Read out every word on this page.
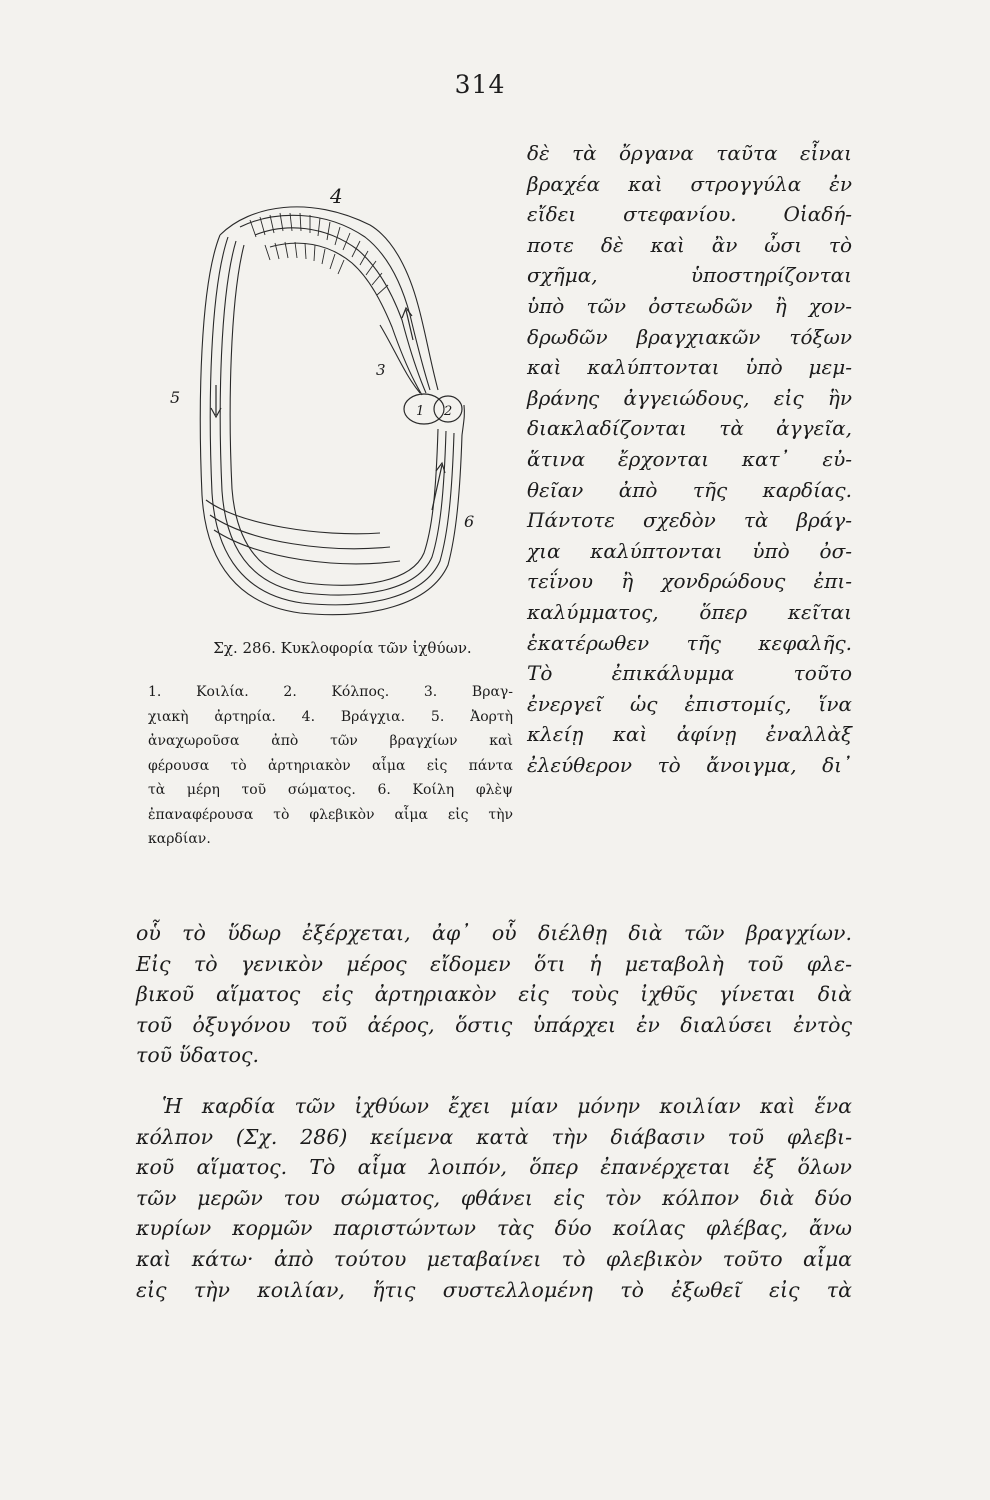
314
1 2
3
4
5
6
Σχ. 286. Κυκλοφορία τῶν ἰχθύων.
1. Κοιλία. 2. Κόλπος. 3. Βραγ-
χιακὴ ἀρτηρία. 4. Βράγχια. 5. Ἀορτὴ
ἀναχωροῦσα ἀπὸ τῶν βραγχίων καὶ
φέρουσα τὸ ἀρτηριακὸν αἷμα εἰς πάντα
τὰ μέρη τοῦ σώματος. 6. Κοίλη φλὲψ
ἐπαναφέρουσα τὸ φλεβικὸν αἷμα εἰς τὴν
καρδίαν.
δὲ τὰ ὄργανα ταῦτα εἶναι
βραχέα καὶ στρογγύλα ἐν
εἴδει στεφανίου. Οἱαδή-
ποτε δὲ καὶ ἂν ὦσι τὸ
σχῆμα, ὑποστηρίζονται
ὑπὸ τῶν ὀστεωδῶν ἢ χον-
δρωδῶν βραγχιακῶν τόξων
καὶ καλύπτονται ὑπὸ μεμ-
βράνης ἀγγειώδους, εἰς ἣν
διακλαδίζονται τὰ ἀγγεῖα,
ἅτινα ἔρχονται κατ᾿ εὐ-
θεῖαν ἀπὸ τῆς καρδίας.
Πάντοτε σχεδὸν τὰ βράγ-
χια καλύπτονται ὑπὸ ὀσ-
τεΐνου ἢ χονδρώδους ἐπι-
καλύμματος, ὅπερ κεῖται
ἑκατέρωθεν τῆς κεφαλῆς.
Τὸ ἐπικάλυμμα τοῦτο
ἐνεργεῖ ὡς ἐπιστομίς, ἵνα
κλείῃ καὶ ἀφίνῃ ἐναλλὰξ
ἐλεύθερον τὸ ἄνοιγμα, δι᾿
οὗ τὸ ὕδωρ ἐξέρχεται, ἀφ᾿ οὗ διέλθῃ διὰ τῶν βραγχίων.
Εἰς τὸ γενικὸν μέρος εἴδομεν ὅτι ἡ μεταβολὴ τοῦ φλε-
βικοῦ αἵματος εἰς ἀρτηριακὸν εἰς τοὺς ἰχθῦς γίνεται διὰ
τοῦ ὀξυγόνου τοῦ ἀέρος, ὅστις ὑπάρχει ἐν διαλύσει ἐντὸς
τοῦ ὕδατος.
Ἡ καρδία τῶν ἰχθύων ἔχει μίαν μόνην κοιλίαν καὶ ἕνα
κόλπον (Σχ. 286) κείμενα κατὰ τὴν διάβασιν τοῦ φλεβι-
κοῦ αἵματος. Τὸ αἷμα λοιπόν, ὅπερ ἐπανέρχεται ἐξ ὅλων
τῶν μερῶν του σώματος, φθάνει εἰς τὸν κόλπον διὰ δύο
κυρίων κορμῶν παριστώντων τὰς δύο κοίλας φλέβας, ἄνω
καὶ κάτω· ἀπὸ τούτου μεταβαίνει τὸ φλεβικὸν τοῦτο αἷμα
εἰς τὴν κοιλίαν, ἥτις συστελλομένη τὸ ἐξωθεῖ εἰς τὰ
